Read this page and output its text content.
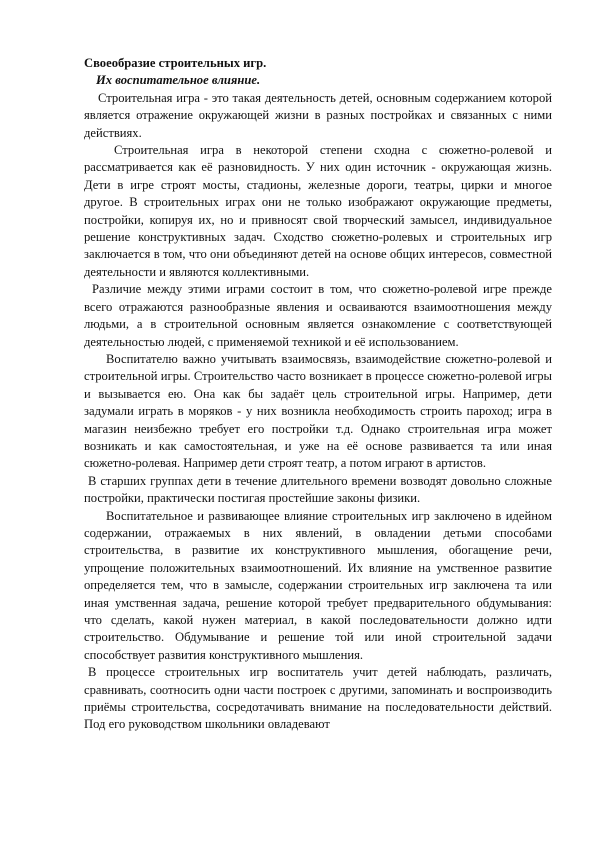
Своеобразие строительных игр.

Их воспитательное влияние.

Строительная игра - это такая деятельность детей, основным содержанием которой является отражение окружающей жизни в разных постройках и связанных с ними действиях.

Строительная игра в некоторой степени сходна с сюжетно-ролевой и рассматривается как её разновидность. У них один источник - окружающая жизнь. Дети в игре строят мосты, стадионы, железные дороги, театры, цирки и многое другое. В строительных играх они не только изображают окружающие предметы, постройки, копируя их, но и привносят свой творческий замысел, индивидуальное решение конструктивных задач. Сходство сюжетно-ролевых и строительных игр заключается в том, что они объединяют детей на основе общих интересов, совместной деятельности и являются коллективными.

Различие между этими играми состоит в том, что сюжетно-ролевой игре прежде всего отражаются разнообразные явления и осваиваются взаимоотношения между людьми, а в строительной основным является ознакомление с соответствующей деятельностью людей, с применяемой техникой и её использованием.

Воспитателю важно учитывать взаимосвязь, взаимодействие сюжетно-ролевой и строительной игры. Строительство часто возникает в процессе сюжетно-ролевой игры и вызывается ею. Она как бы задаёт цель строительной игры. Например, дети задумали играть в моряков - у них возникла необходимость строить пароход; игра в магазин неизбежно требует его постройки т.д. Однако строительная игра может возникать и как самостоятельная, и уже на её основе развивается та или иная сюжетно-ролевая. Например дети строят театр, а потом играют в артистов.

В старших группах дети в течение длительного времени возводят довольно сложные постройки, практически постигая простейшие законы физики.

Воспитательное и развивающее влияние строительных игр заключено в идейном содержании, отражаемых в них явлений, в овладении детьми способами строительства, в развитие их конструктивного мышления, обогащение речи, упрощение положительных взаимоотношений. Их влияние на умственное развитие определяется тем, что в замысле, содержании строительных игр заключена та или иная умственная задача, решение которой требует предварительного обдумывания: что сделать, какой нужен материал, в какой последовательности должно идти строительство. Обдумывание и решение той или иной строительной задачи способствует развития конструктивного мышления.

В процессе строительных игр воспитатель учит детей наблюдать, различать, сравнивать, соотносить одни части построек с другими, запоминать и воспроизводить приёмы строительства, сосредотачивать внимание на последовательности действий. Под его руководством школьники овладевают
